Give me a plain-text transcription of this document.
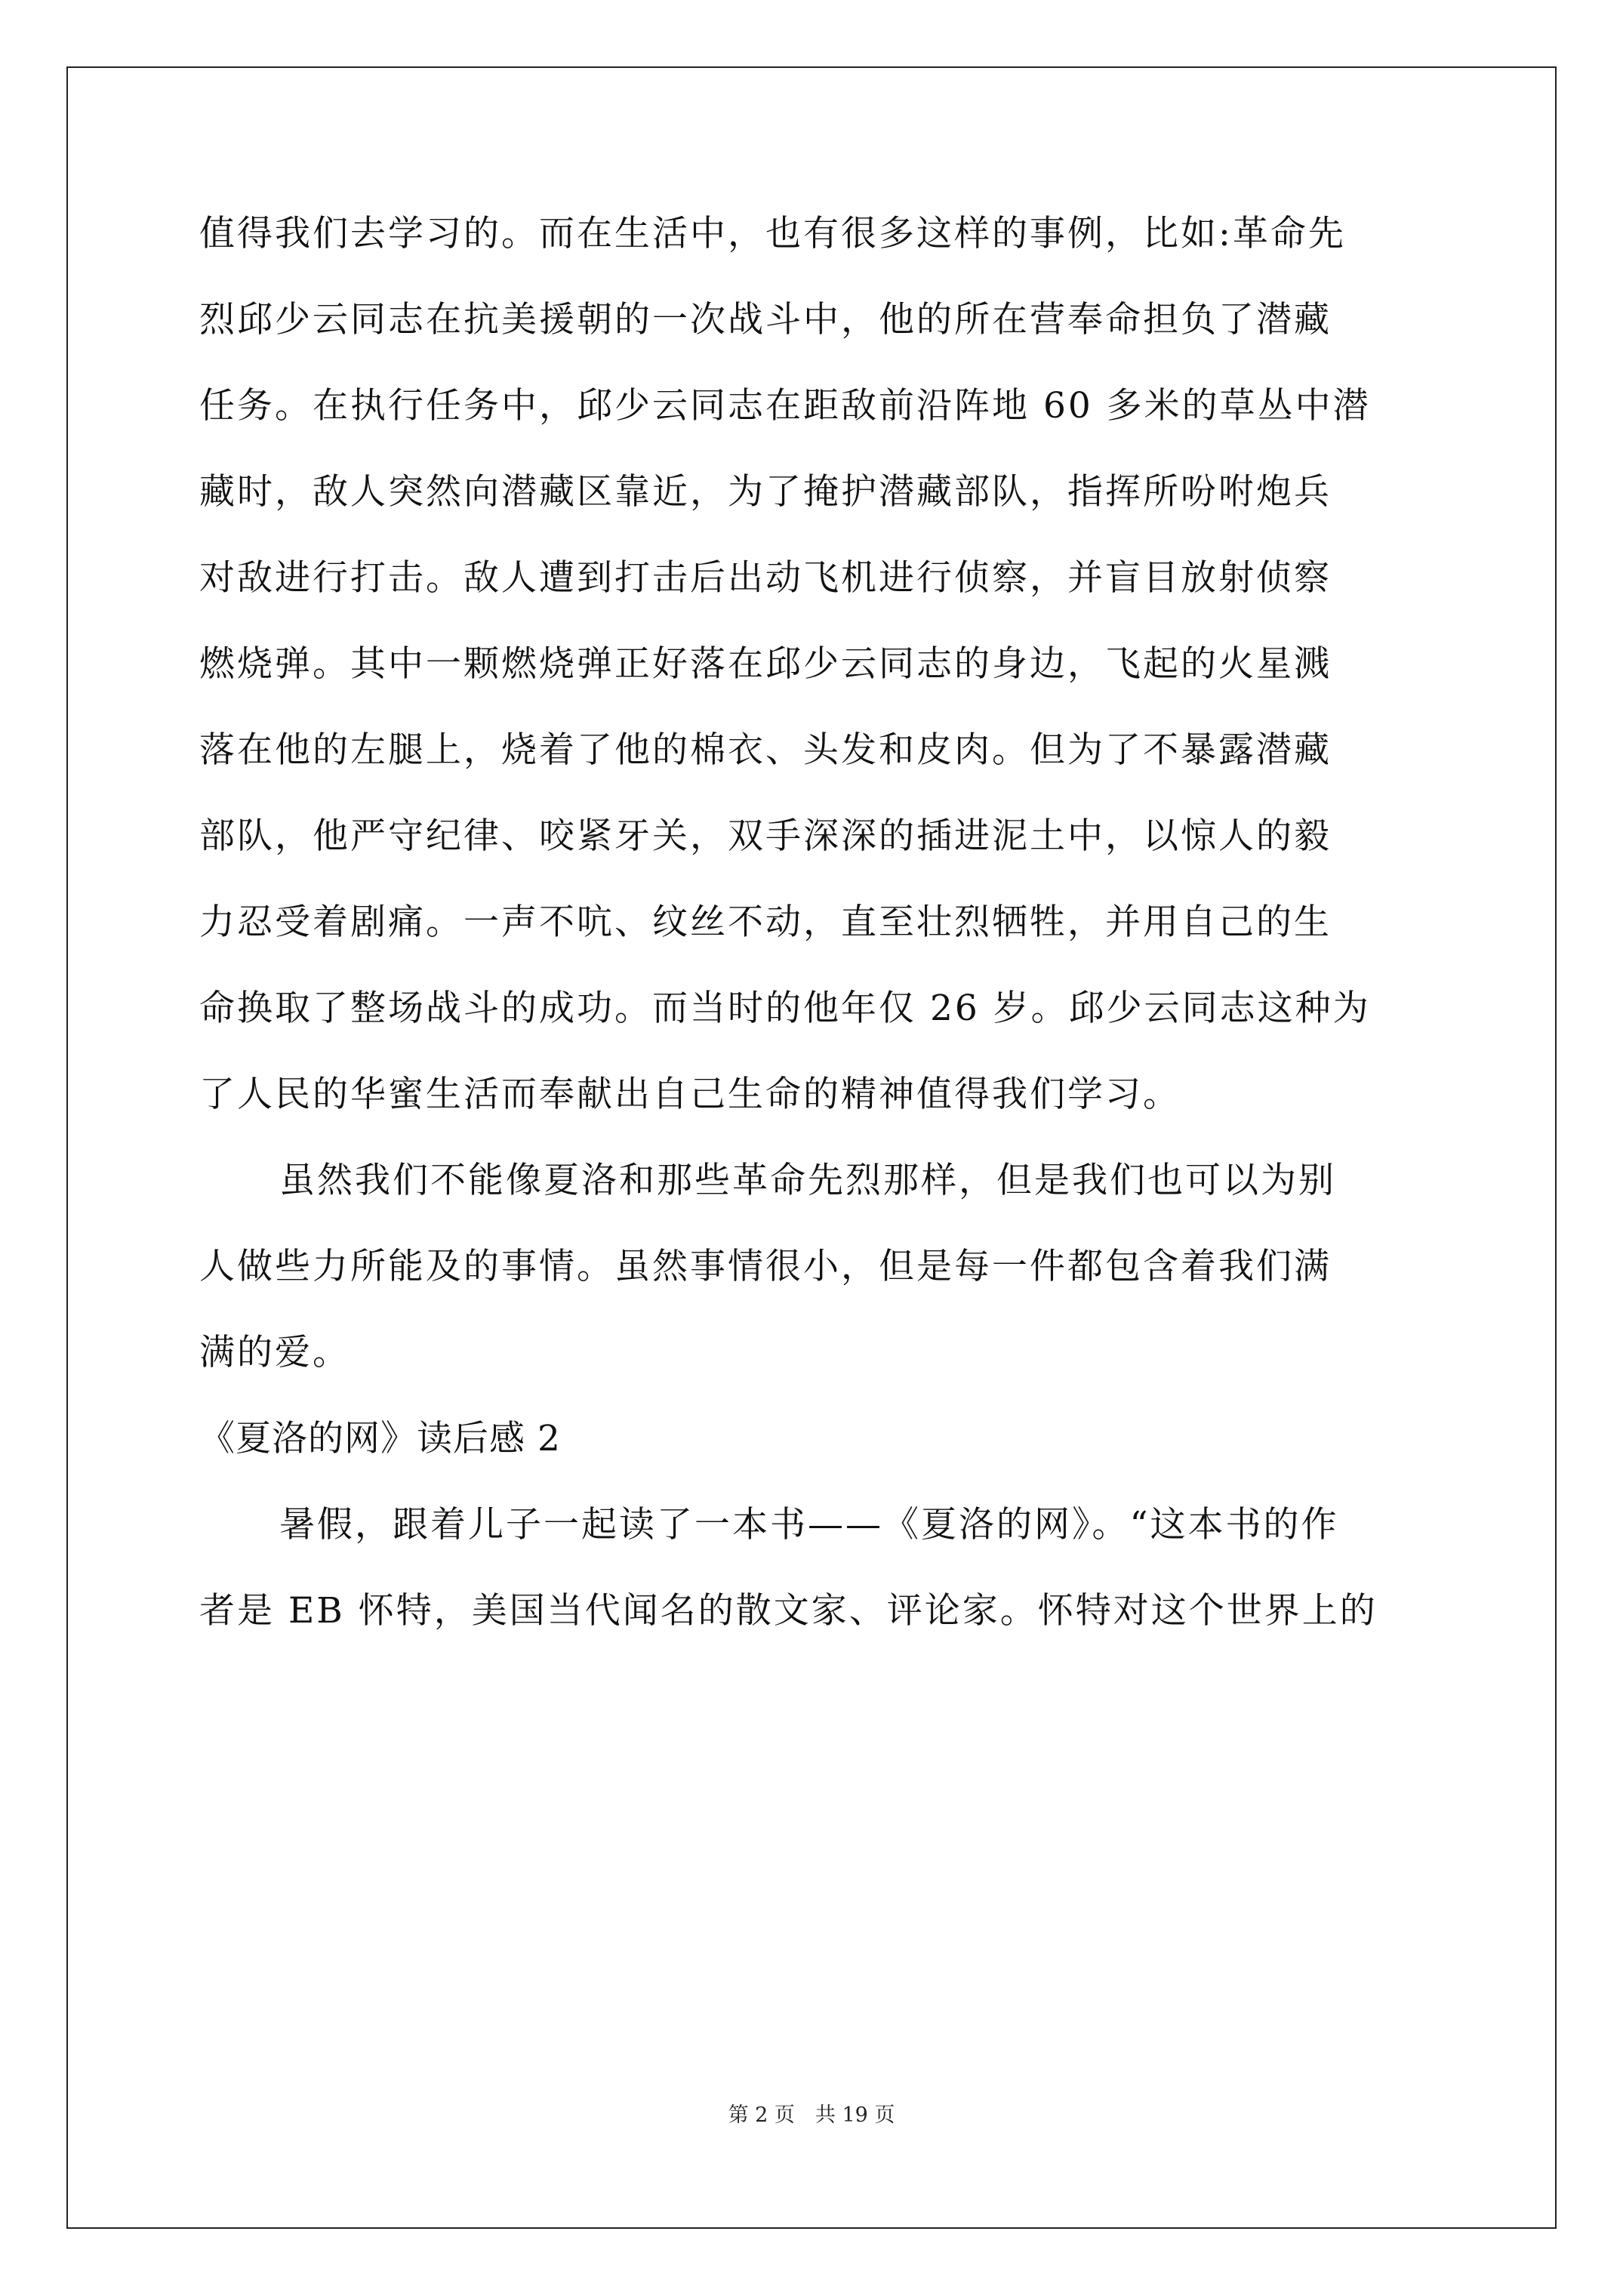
值得我们去学习的。而在生活中，也有很多这样的事例，比如:革命先
烈邱少云同志在抗美援朝的一次战斗中，他的所在营奉命担负了潜藏
任务。在执行任务中，邱少云同志在距敌前沿阵地 60 多米的草丛中潜
藏时，敌人突然向潜藏区靠近，为了掩护潜藏部队，指挥所吩咐炮兵
对敌进行打击。敌人遭到打击后出动飞机进行侦察，并盲目放射侦察
燃烧弹。其中一颗燃烧弹正好落在邱少云同志的身边，飞起的火星溅
落在他的左腿上，烧着了他的棉衣、头发和皮肉。但为了不暴露潜藏
部队，他严守纪律、咬紧牙关，双手深深的插进泥土中，以惊人的毅
力忍受着剧痛。一声不吭、纹丝不动，直至壮烈牺牲，并用自己的生
命换取了整场战斗的成功。而当时的他年仅 26 岁。邱少云同志这种为
了人民的华蜜生活而奉献出自己生命的精神值得我们学习。
虽然我们不能像夏洛和那些革命先烈那样，但是我们也可以为别
人做些力所能及的事情。虽然事情很小，但是每一件都包含着我们满
满的爱。
《夏洛的网》读后感 2
暑假，跟着儿子一起读了一本书——《夏洛的网》。“这本书的作
者是 EB 怀特，美国当代闻名的散文家、评论家。怀特对这个世界上的
第 2 页　共 19 页
